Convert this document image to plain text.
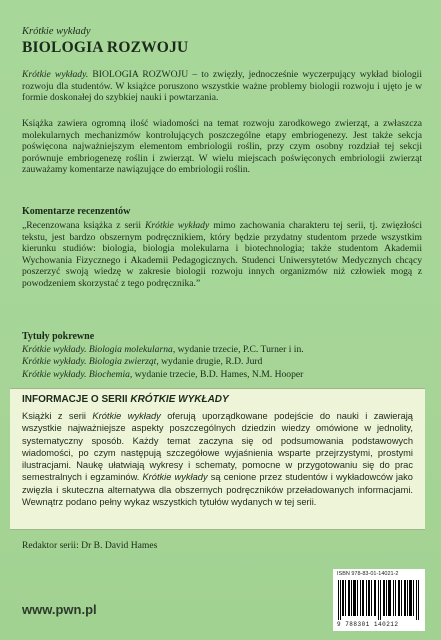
Krótkie wykłady
BIOLOGIA ROZWOJU

Krótkie wykłady. BIOLOGIA ROZWOJU – to zwięzły, jednocześnie wyczerpujący wykład biologii rozwoju dla studentów. W książce poruszono wszystkie ważne problemy biologii rozwoju i ujęto je w formie doskonałej do szybkiej nauki i powtarzania.

Książka zawiera ogromną ilość wiadomości na temat rozwoju zarodkowego zwierząt, a zwłaszcza molekularnych mechanizmów kontrolujących poszczególne etapy embriogenezy. Jest także sekcja poświęcona najważniejszym elementom embriologii roślin, przy czym osobny rozdział tej sekcji porównuje embriogenezę roślin i zwierząt. W wielu miejscach poświęconych embriologii zwierząt zauważamy komentarze nawiązujące do embriologii roślin.

Komentarze recenzentów

„Recenzowana książka z serii Krótkie wykłady mimo zachowania charakteru tej serii, tj. zwięzłości tekstu, jest bardzo obszernym podręcznikiem, który będzie przydatny studentom przede wszystkim kierunku studiów: biologia, biologia molekularna i biotechnologia; także studentom Akademii Wychowania Fizycznego i Akademii Pedagogicznych. Studenci Uniwersytetów Medycznych chcący poszerzyć swoją wiedzę w zakresie biologii rozwoju innych organizmów niż człowiek mogą z powodzeniem skorzystać z tego podręcznika.”

Tytuły pokrewne

Krótkie wykłady. Biologia molekularna, wydanie trzecie, P.C. Turner i in.
Krótkie wykłady. Biologia zwierząt, wydanie drugie, R.D. Jurd
Krótkie wykłady. Biochemia, wydanie trzecie, B.D. Hames, N.M. Hooper
INFORMACJE O SERII KRÓTKIE WYKŁADY

Książki z serii Krótkie wykłady oferują uporządkowane podejście do nauki i zawierają wszystkie najważniejsze aspekty poszczególnych dziedzin wiedzy omówione w jednolity, systematyczny sposób. Każdy temat zaczyna się od podsumowania podstawowych wiadomości, po czym następują szczegółowe wyjaśnienia wsparte przejrzystymi, prostymi ilustracjami. Naukę ułatwiają wykresy i schematy, pomocne w przygotowaniu się do prac semestralnych i egzaminów. Krótkie wykłady są cenione przez studentów i wykładowców jako zwięzła i skuteczna alternatywa dla obszernych podręczników przeładowanych informacjami. Wewnątrz podano pełny wykaz wszystkich tytułów wydanych w tej serii.

Redaktor serii: Dr B. David Hames
www.pwn.pl
ISBN 978-83-01-14021-2
9 788301 140212
